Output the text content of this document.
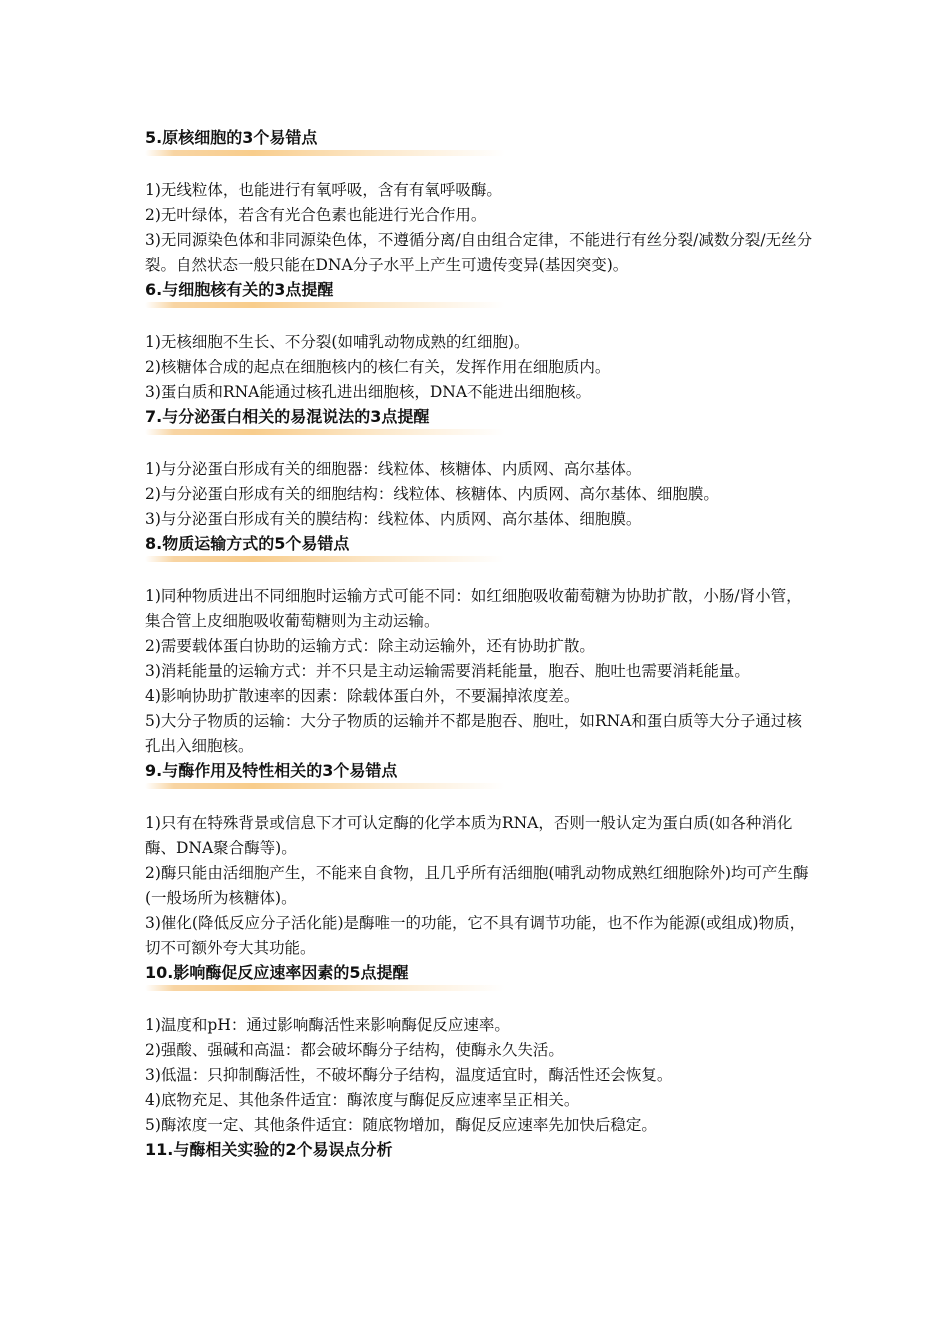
5.原核细胞的3个易错点
1)无线粒体，也能进行有氧呼吸，含有有氧呼吸酶。
2)无叶绿体，若含有光合色素也能进行光合作用。
3)无同源染色体和非同源染色体，不遵循分离/自由组合定律，不能进行有丝分裂/减数分裂/无丝分裂。自然状态一般只能在DNA分子水平上产生可遗传变异(基因突变)。
6.与细胞核有关的3点提醒
1)无核细胞不生长、不分裂(如哺乳动物成熟的红细胞)。
2)核糖体合成的起点在细胞核内的核仁有关，发挥作用在细胞质内。
3)蛋白质和RNA能通过核孔进出细胞核，DNA不能进出细胞核。
7.与分泌蛋白相关的易混说法的3点提醒
1)与分泌蛋白形成有关的细胞器：线粒体、核糖体、内质网、高尔基体。
2)与分泌蛋白形成有关的细胞结构：线粒体、核糖体、内质网、高尔基体、细胞膜。
3)与分泌蛋白形成有关的膜结构：线粒体、内质网、高尔基体、细胞膜。
8.物质运输方式的5个易错点
1)同种物质进出不同细胞时运输方式可能不同：如红细胞吸收葡萄糖为协助扩散，小肠/肾小管，集合管上皮细胞吸收葡萄糖则为主动运输。
2)需要载体蛋白协助的运输方式：除主动运输外，还有协助扩散。
3)消耗能量的运输方式：并不只是主动运输需要消耗能量，胞吞、胞吐也需要消耗能量。
4)影响协助扩散速率的因素：除载体蛋白外，不要漏掉浓度差。
5)大分子物质的运输：大分子物质的运输并不都是胞吞、胞吐，如RNA和蛋白质等大分子通过核孔出入细胞核。
9.与酶作用及特性相关的3个易错点
1)只有在特殊背景或信息下才可认定酶的化学本质为RNA，否则一般认定为蛋白质(如各种消化酶、DNA聚合酶等)。
2)酶只能由活细胞产生，不能来自食物，且几乎所有活细胞(哺乳动物成熟红细胞除外)均可产生酶(一般场所为核糖体)。
3)催化(降低反应分子活化能)是酶唯一的功能，它不具有调节功能，也不作为能源(或组成)物质，切不可额外夸大其功能。
10.影响酶促反应速率因素的5点提醒
1)温度和pH：通过影响酶活性来影响酶促反应速率。
2)强酸、强碱和高温：都会破坏酶分子结构，使酶永久失活。
3)低温：只抑制酶活性，不破坏酶分子结构，温度适宜时，酶活性还会恢复。
4)底物充足、其他条件适宜：酶浓度与酶促反应速率呈正相关。
5)酶浓度一定、其他条件适宜：随底物增加，酶促反应速率先加快后稳定。
11.与酶相关实验的2个易误点分析
